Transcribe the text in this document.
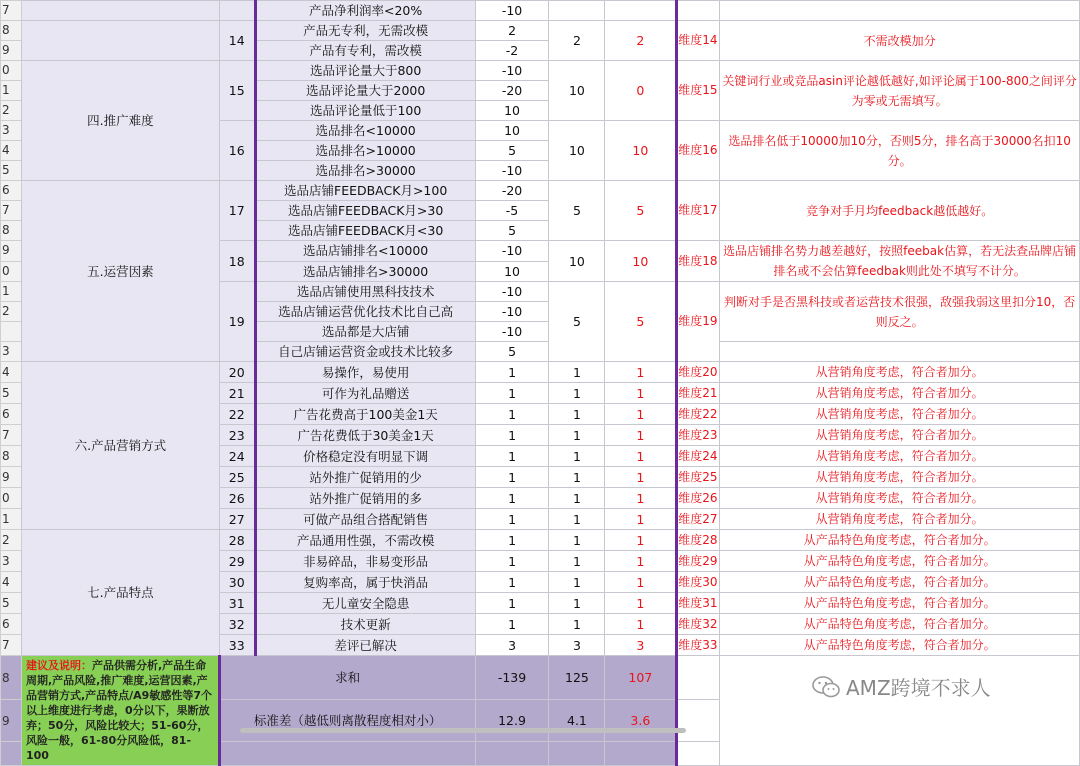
7			产品净利润率<20%	-10				
8		14	产品无专利，无需改模	2	2	2	维度14	不需改模加分
9			产品有专利，需改模	-2				
0	四.推广难度	15	选品评论量大于800	-10	10	0	维度15	关键词行业或竞品asin评论越低越好,如评论属于100-800之间评分为零或无需填写。
1			选品评论量大于2000	-20				
2			选品评论量低于100	10				
3		16	选品排名<10000	10	10	10	维度16	选品排名低于10000加10分，否则5分，排名高于30000名扣10分。
4			选品排名>10000	5				
5			选品排名>30000	-10				
6	五.运营因素	17	选品店铺FEEDBACK月>100	-20	5	5	维度17	竞争对手月均feedback越低越好。
7			选品店铺FEEDBACK月>30	-5				
8			选品店铺FEEDBACK月<30	5				
9		18	选品店铺排名<10000	-10	10	10	维度18	选品店铺排名势力越差越好，按照feebak估算，若无法查品牌店铺排名或不会估算feedbak则此处不填写不计分。
0			选品店铺排名>30000	10				
1		19	选品店铺使用黑科技技术	-10	5	5	维度19	判断对手是否黑科技或者运营技术很强，敌强我弱这里扣分10，否则反之。
2			选品店铺运营优化技术比自己高	-10				
			选品都是大店铺	-10				
3			自己店铺运营资金或技术比较多	5				
4	六.产品营销方式	20	易操作，易使用	1	1	1	维度20	从营销角度考虑，符合者加分。
5		21	可作为礼品赠送	1	1	1	维度21	从营销角度考虑，符合者加分。
6		22	广告花费高于100美金1天	1	1	1	维度22	从营销角度考虑，符合者加分。
7		23	广告花费低于30美金1天	1	1	1	维度23	从营销角度考虑，符合者加分。
8		24	价格稳定没有明显下调	1	1	1	维度24	从营销角度考虑，符合者加分。
9		25	站外推广促销用的少	1	1	1	维度25	从营销角度考虑，符合者加分。
0		26	站外推广促销用的多	1	1	1	维度26	从营销角度考虑，符合者加分。
1		27	可做产品组合搭配销售	1	1	1	维度27	从营销角度考虑，符合者加分。
2	七.产品特点	28	产品通用性强，不需改模	1	1	1	维度28	从产品特色角度考虑，符合者加分。
3		29	非易碎品，非易变形品	1	1	1	维度29	从产品特色角度考虑，符合者加分。
4		30	复购率高，属于快消品	1	1	1	维度30	从产品特色角度考虑，符合者加分。
5		31	无儿童安全隐患	1	1	1	维度31	从产品特色角度考虑，符合者加分。
6		32	技术更新	1	1	1	维度32	从产品特色角度考虑，符合者加分。
7		33	差评已解决	3	3	3	维度33	从产品特色角度考虑，符合者加分。
8	建议及说明：产品供需分析,产品生命周期,产品风险,推广难度,运营因素,产品营销方式,产品特点/A9敏感性等7个以上维度进行考虑，0分以下，果断放弃；50分，风险比较大；51-60分，风险一般，61-80分风险低，81-100	求和		-139	125	107		
9		标准差（越低则离散程度相对小）		12.9	4.1	3.6		

AMZ跨境不求人
